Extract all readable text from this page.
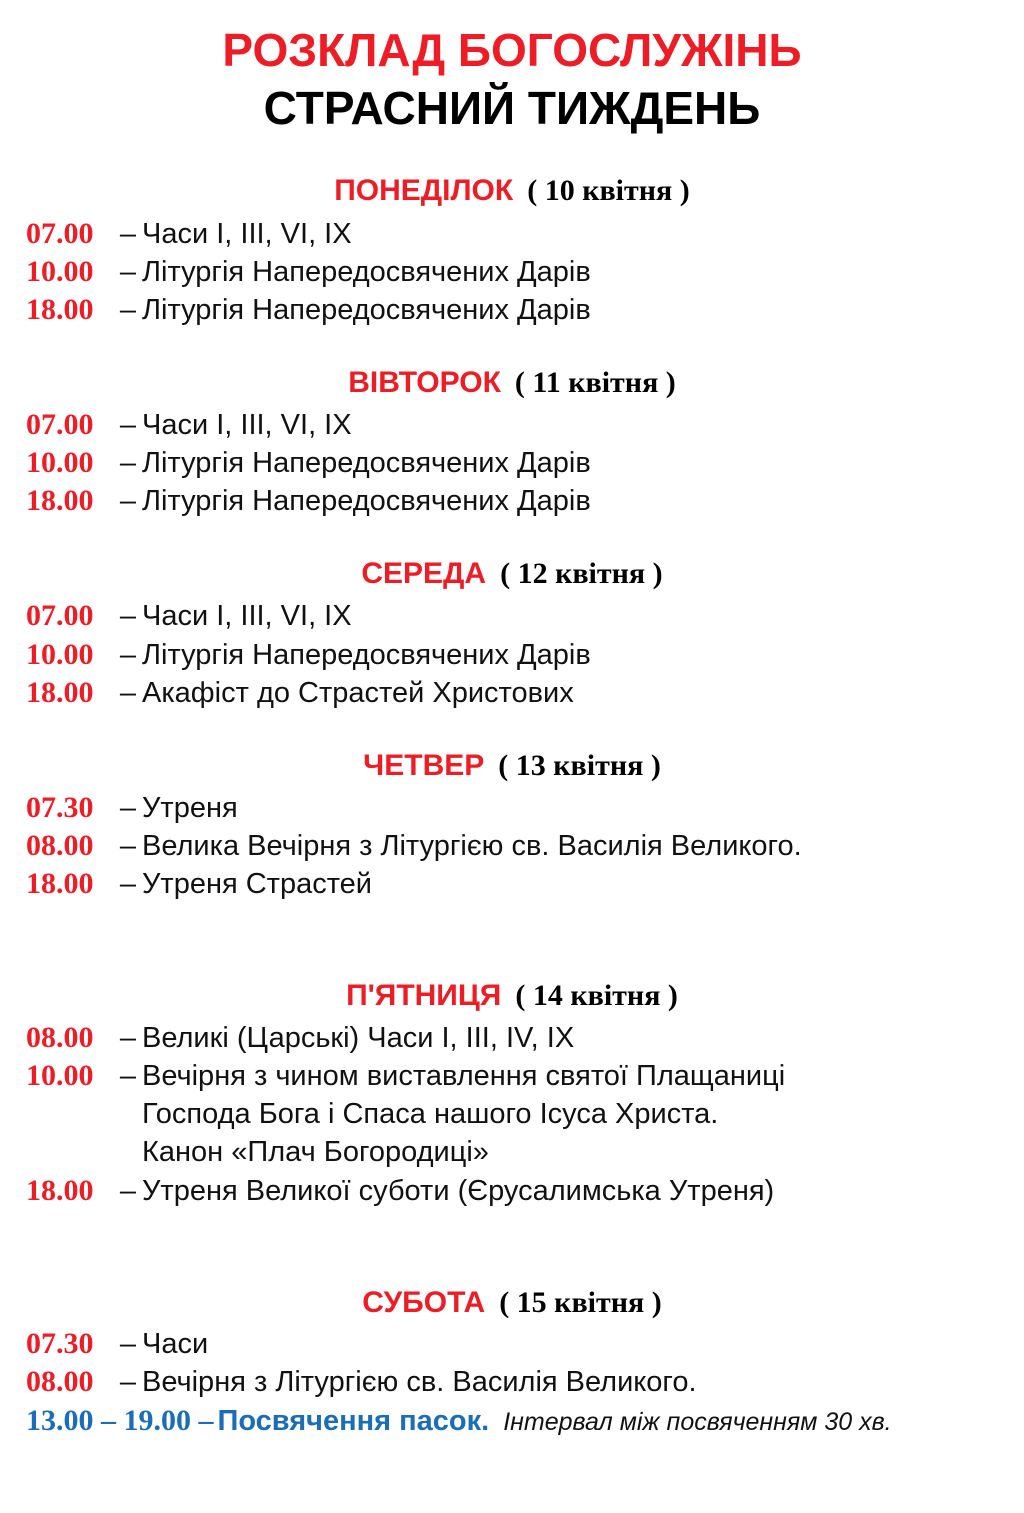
РОЗКЛАД БОГОСЛУЖІНЬ
СТРАСНИЙ ТИЖДЕНЬ
ПОНЕДІЛОК ( 10 квітня )
07.00 – Часи І, ІІІ, VІ, ІХ
10.00 – Літургія Напередосвячених Дарів
18.00 – Літургія Напередосвячених Дарів
ВІВТОРОК ( 11 квітня )
07.00 – Часи І, ІІІ, VІ, ІХ
10.00 – Літургія Напередосвячених Дарів
18.00 – Літургія Напередосвячених Дарів
СЕРЕДА ( 12 квітня )
07.00 – Часи І, ІІІ, VІ, ІХ
10.00 – Літургія Напередосвячених Дарів
18.00 – Акафіст до Страстей Христових
ЧЕТВЕР ( 13 квітня )
07.30 – Утреня
08.00 – Велика Вечірня з Літургією св. Василія Великого.
18.00 – Утреня Страстей
П'ЯТНИЦЯ ( 14 квітня )
08.00 – Великі (Царські) Часи І, ІІІ, ІV, ІХ
10.00 – Вечірня з чином виставлення святої Плащаниці
Господа Бога і Спаса нашого Ісуса Христа.
Канон «Плач Богородиці»
18.00 – Утреня Великої суботи (Єрусалимська Утреня)
СУБОТА ( 15 квітня )
07.30 – Часи
08.00 – Вечірня з Літургією св. Василія Великого.
13.00 – 19.00 – Посвячення пасок. Інтервал між посвяченням 30 хв.
